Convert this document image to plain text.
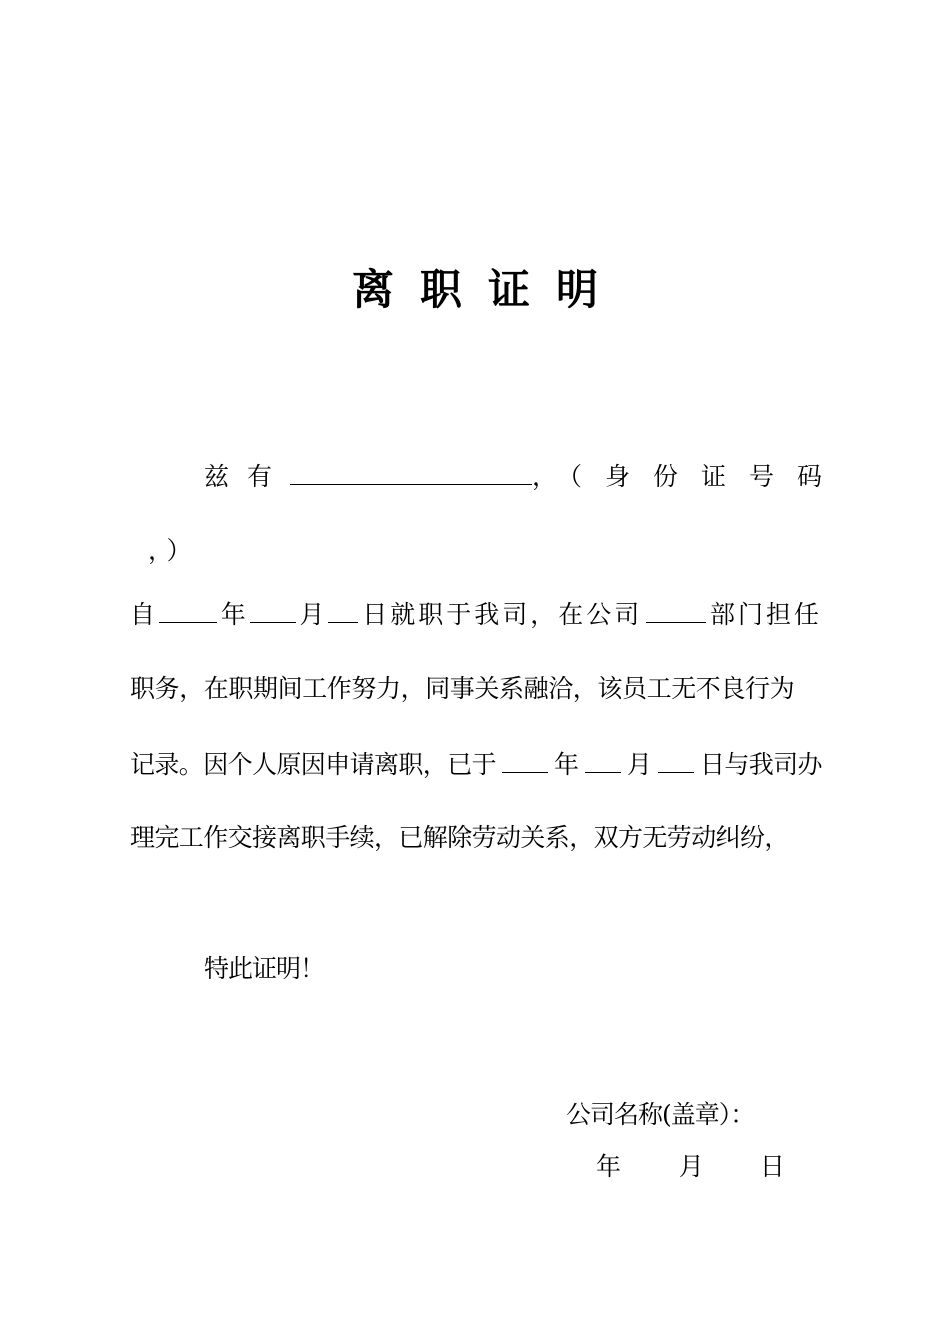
离职证明
兹有	， （身份证号码
，）
自	年 月 日就职于我司，在公司	部门担任
职务，在职期间工作努力，同事关系融洽，该员工无不良行为
记录。因个人原因申请离职，已于 年 月 日与我司办
理完工作交接离职手续，已解除劳动关系，双方无劳动纠纷，
特此证明！
公司名称(盖章）：
年 月 日
